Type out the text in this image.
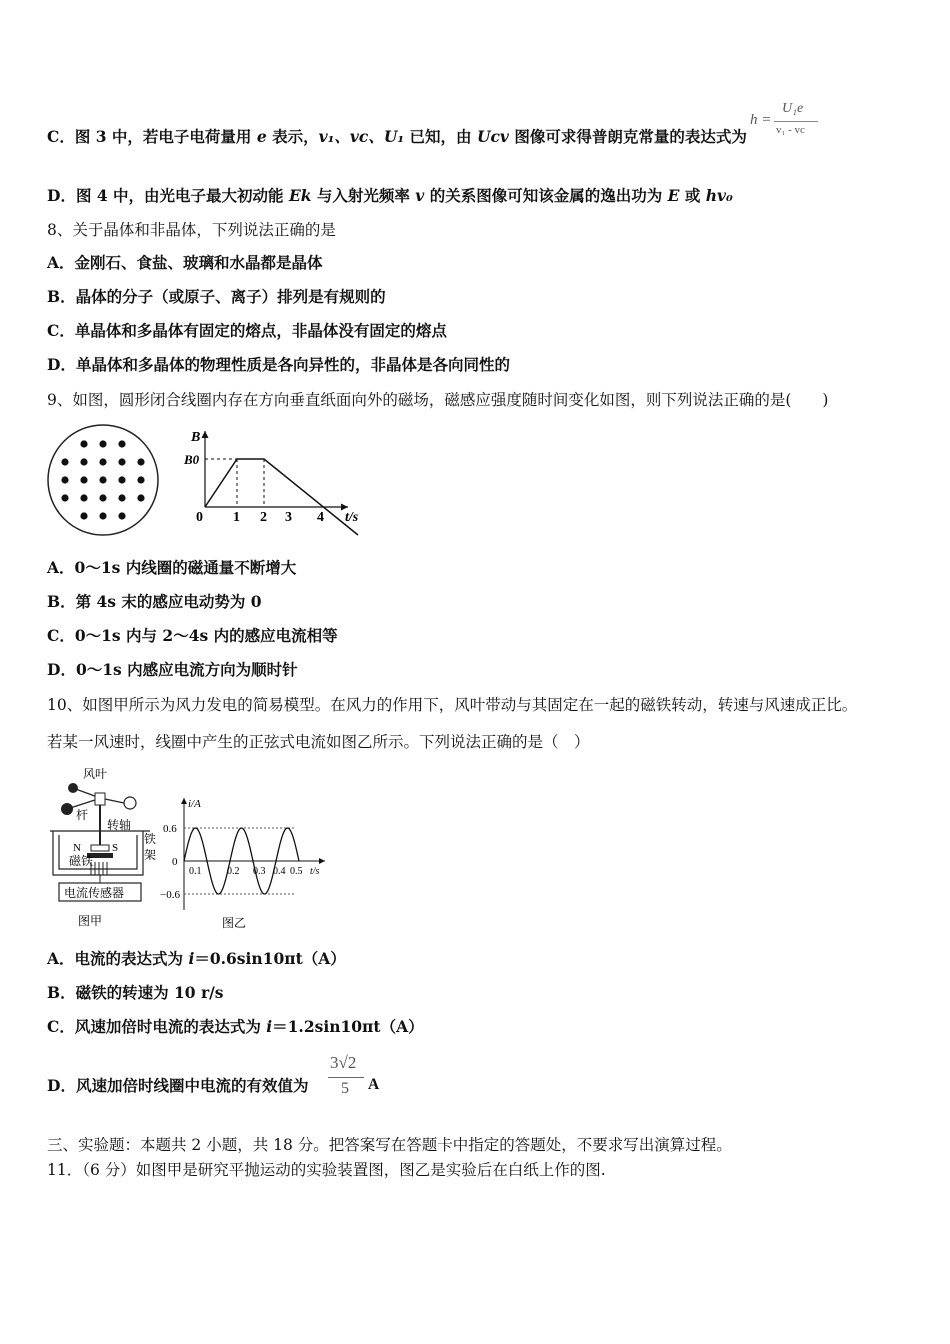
C．图 3 中，若电子电荷量用 e 表示，v₁、vc、U₁ 已知，由 Ucv 图像可求得普朗克常量的表达式为
h =
U₁e
v₁ - vc
D．图 4 中，由光电子最大初动能 Ek 与入射光频率 v 的关系图像可知该金属的逸出功为 E 或 hv₀
8、关于晶体和非晶体，下列说法正确的是
A．金刚石、食盐、玻璃和水晶都是晶体
B．晶体的分子（或原子、离子）排列是有规则的
C．单晶体和多晶体有固定的熔点，非晶体没有固定的熔点
D．单晶体和多晶体的物理性质是各向异性的，非晶体是各向同性的
9、如图，圆形闭合线圈内存在方向垂直纸面向外的磁场，磁感应强度随时间变化如图，则下列说法正确的是(　　)
B
B0
0 1 2 3 4 t/s
A．0～1s 内线圈的磁通量不断增大
B．第 4s 末的感应电动势为 0
C．0～1s 内与 2～4s 内的感应电流相等
D．0～1s 内感应电流方向为顺时针
10、如图甲所示为风力发电的简易模型。在风力的作用下，风叶带动与其固定在一起的磁铁转动，转速与风速成正比。
若某一风速时，线圈中产生的正弦式电流如图乙所示。下列说法正确的是（　）
风叶
杆
转轴
铁
架
N	S
磁铁
电流传感器
图甲
i/A
0.6
0
−0.6
0.1	0.2 0.3 0.4 0.5 t/s
图乙
A．电流的表达式为 i＝0.6sin10πt（A）
B．磁铁的转速为 10 r/s
C．风速加倍时电流的表达式为 i＝1.2sin10πt（A）
D．风速加倍时线圈中电流的有效值为
3√2
5 A
三、实验题：本题共 2 小题，共 18 分。把答案写在答题卡中指定的答题处，不要求写出演算过程。
11．（6 分）如图甲是研究平抛运动的实验装置图，图乙是实验后在白纸上作的图.
